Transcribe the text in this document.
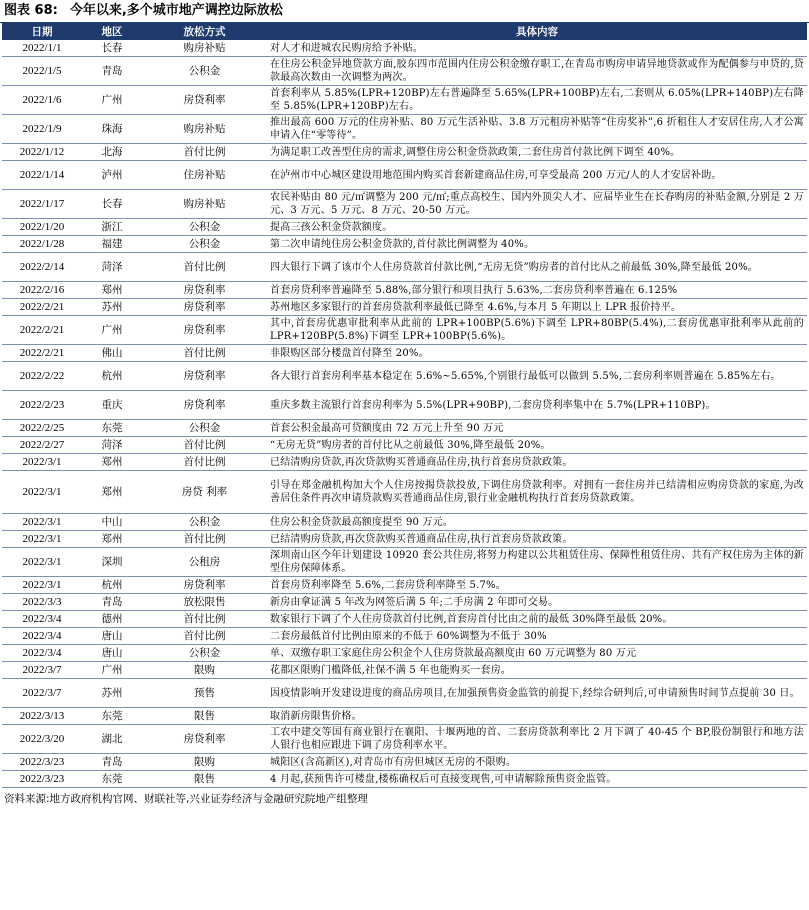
图表 68: 今年以来,多个城市地产调控边际放松
日期	地区	放松方式	具体内容
2022/1/1	长春	购房补贴	对人才和进城农民购房给予补贴。
2022/1/5	青岛	公积金	在住房公积金异地贷款方面,胶东四市范围内住房公积金缴存职工,在青岛市购房申请异地贷款或作为配偶参与申贷的,贷款最高次数由一次调整为两次。
2022/1/6	广州	房贷利率	首套利率从 5.85%(LPR+120BP)左右普遍降至 5.65%(LPR+100BP)左右,二套则从 6.05%(LPR+140BP)左右降至 5.85%(LPR+120BP)左右。
2022/1/9	珠海	购房补贴	推出最高 600 万元的住房补贴、80 万元生活补贴、3.8 万元租房补贴等“住房奖补”,6 折租住人才安居住房,人才公寓申请入住“零等待”。
2022/1/12	北海	首付比例	为满足职工改善型住房的需求,调整住房公积金贷款政策,二套住房首付款比例下调至 40%。
2022/1/14	泸州	住房补贴	在泸州市中心城区建设用地范围内购买首套新建商品住房,可享受最高 200 万元/人的人才安居补助。
2022/1/17	长春	购房补贴	农民补贴由 80 元/㎡调整为 200 元/㎡;重点高校生、国内外顶尖人才、应届毕业生在长春购房的补贴金额,分别是 2 万元、3 万元、5 万元、8 万元、20-50 万元。
2022/1/20	浙江	公积金	提高三孩公积金贷款额度。
2022/1/28	福建	公积金	第二次申请纯住房公积金贷款的,首付款比例调整为 40%。
2022/2/14	菏泽	首付比例	四大银行下调了该市个人住房贷款首付款比例,“无房无贷”购房者的首付比从之前最低 30%,降至最低 20%。
2022/2/16	郑州	房贷利率	首套房贷利率普遍降至 5.88%,部分银行和项目执行 5.63%,二套房贷利率普遍在 6.125%
2022/2/21	苏州	房贷利率	苏州地区多家银行的首套房贷款利率最低已降至 4.6%,与本月 5 年期以上 LPR 报价持平。
2022/2/21	广州	房贷利率	其中,首套房优惠审批利率从此前的 LPR+100BP(5.6%)下调至 LPR+80BP(5.4%),二套房优惠审批利率从此前的 LPR+120BP(5.8%)下调至 LPR+100BP(5.6%)。
2022/2/21	佛山	首付比例	非限购区部分楼盘首付降至 20%。
2022/2/22	杭州	房贷利率	各大银行首套房利率基本稳定在 5.6%~5.65%,个别银行最低可以做到 5.5%,二套房利率则普遍在 5.85%左右。
2022/2/23	重庆	房贷利率	重庆多数主流银行首套房利率为 5.5%(LPR+90BP),二套房贷利率集中在 5.7%(LPR+110BP)。
2022/2/25	东莞	公积金	首套公积金最高可贷额度由 72 万元上升至 90 万元
2022/2/27	菏泽	首付比例	“无房无贷”购房者的首付比从之前最低 30%,降至最低 20%。
2022/3/1	郑州	首付比例	已结清购房贷款,再次贷款购买普通商品住房,执行首套房贷款政策。
2022/3/1	郑州	房贷 利率	引导在郑金融机构加大个人住房按揭贷款投放,下调住房贷款利率。对拥有一套住房并已结清相应购房贷款的家庭,为改善居住条件再次申请贷款购买普通商品住房,银行业金融机构执行首套房贷款政策。
2022/3/1	中山	公积金	住房公积金贷款最高额度提至 90 万元。
2022/3/1	郑州	首付比例	已结清购房贷款,再次贷款购买普通商品住房,执行首套房贷款政策。
2022/3/1	深圳	公租房	深圳南山区今年计划建设 10920 套公共住房,将努力构建以公共租赁住房、保障性租赁住房、共有产权住房为主体的新型住房保障体系。
2022/3/1	杭州	房贷利率	首套房贷利率降至 5.6%,二套房贷利率降至 5.7%。
2022/3/3	青岛	放松限售	新房由拿证满 5 年改为网签后满 5 年;二手房满 2 年即可交易。
2022/3/4	德州	首付比例	数家银行下调了个人住房贷款首付比例,首套房首付比由之前的最低 30%降至最低 20%。
2022/3/4	唐山	首付比例	二套房最低首付比例由原来的不低于 60%调整为不低于 30%
2022/3/4	唐山	公积金	单、双缴存职工家庭住房公积金个人住房贷款最高额度由 60 万元调整为 80 万元
2022/3/7	广州	限购	花都区限购门槛降低,社保不满 5 年也能购买一套房。
2022/3/7	苏州	预售	因疫情影响开发建设进度的商品房项目,在加强预售资金监管的前提下,经综合研判后,可申请预售时间节点提前 30 日。
2022/3/13	东莞	限售	取消新房限售价格。
2022/3/20	湖北	房贷利率	工农中建交等国有商业银行在襄阳、十堰两地的首、二套房贷款利率比 2 月下调了 40-45 个 BP,股份制银行和地方法人银行也相应跟进下调了房贷利率水平。
2022/3/23	青岛	限购	城阳区(含高新区),对青岛市有房但城区无房的不限购。
2022/3/23	东莞	限售	4 月起,获预售许可楼盘,楼栋确权后可直接变现售,可申请解除预售资金监管。
资料来源:地方政府机构官网、财联社等,兴业证券经济与金融研究院地产组整理
